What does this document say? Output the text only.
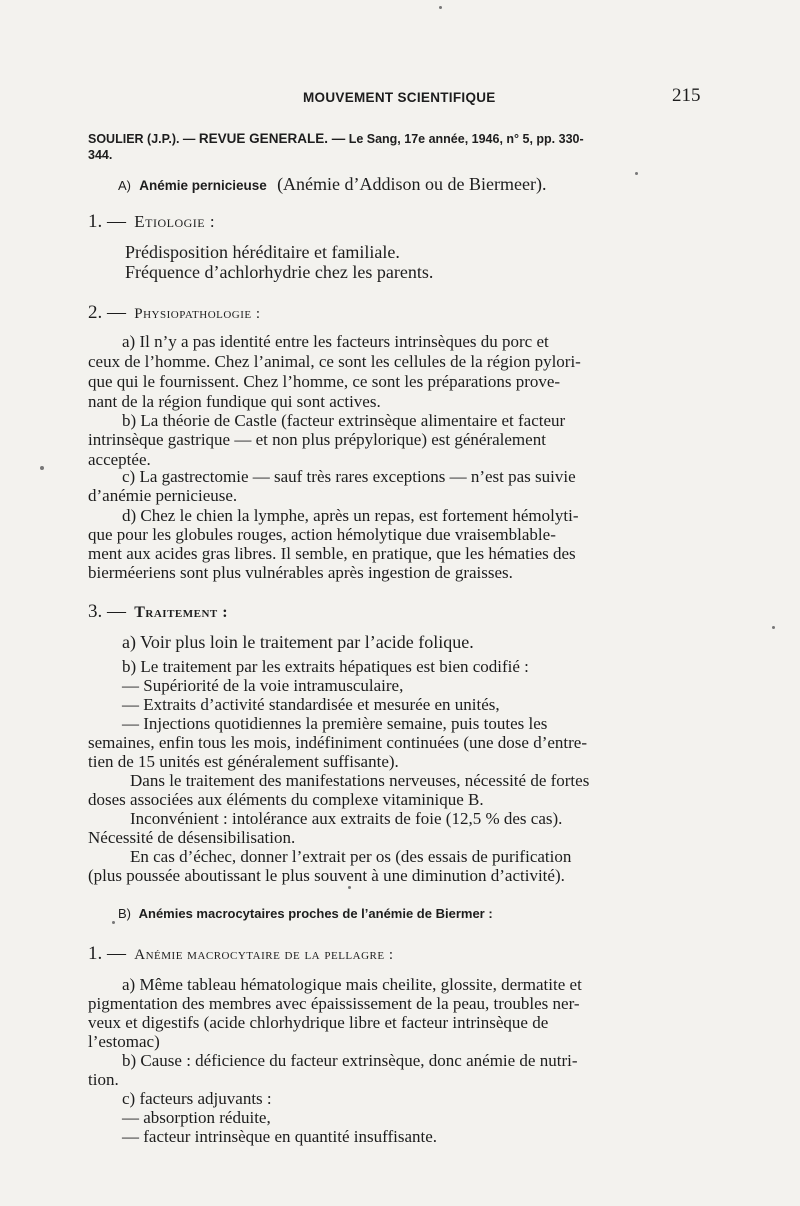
MOUVEMENT SCIENTIFIQUE	215
SOULIER (J.P.). — REVUE GENERALE. — Le Sang, 17e année, 1946, n° 5, pp. 330-
344.
A) Anémie pernicieuse (Anémie d’Addison ou de Biermeer).
1. — Etiologie :
Prédisposition héréditaire et familiale.
Fréquence d’achlorhydrie chez les parents.
2. — Physiopathologie :
a) Il n’y a pas identité entre les facteurs intrinsèques du porc et
ceux de l’homme. Chez l’animal, ce sont les cellules de la région pylori-
que qui le fournissent. Chez l’homme, ce sont les préparations prove-
nant de la région fundique qui sont actives.
b) La théorie de Castle (facteur extrinsèque alimentaire et facteur
intrinsèque gastrique — et non plus prépylorique) est généralement
acceptée.
c) La gastrectomie — sauf très rares exceptions — n’est pas suivie
d’anémie pernicieuse.
d) Chez le chien la lymphe, après un repas, est fortement hémolyti-
que pour les globules rouges, action hémolytique due vraisemblable-
ment aux acides gras libres. Il semble, en pratique, que les hématies des
bierméeriens sont plus vulnérables après ingestion de graisses.
3. — Traitement :
a) Voir plus loin le traitement par l’acide folique.
b) Le traitement par les extraits hépatiques est bien codifié :
— Supériorité de la voie intramusculaire,
— Extraits d’activité standardisée et mesurée en unités,
— Injections quotidiennes la première semaine, puis toutes les
semaines, enfin tous les mois, indéfiniment continuées (une dose d’entre-
tien de 15 unités est généralement suffisante).
Dans le traitement des manifestations nerveuses, nécessité de fortes
doses associées aux éléments du complexe vitaminique B.
Inconvénient : intolérance aux extraits de foie (12,5 % des cas).
Nécessité de désensibilisation.
En cas d’échec, donner l’extrait per os (des essais de purification
(plus poussée aboutissant le plus souvent à une diminution d’activité).
B) Anémies macrocytaires proches de l’anémie de Biermer :
1. — Anémie macrocytaire de la pellagre :
a) Même tableau hématologique mais cheilite, glossite, dermatite et
pigmentation des membres avec épaississement de la peau, troubles ner-
veux et digestifs (acide chlorhydrique libre et facteur intrinsèque de
l’estomac)
b) Cause : déficience du facteur extrinsèque, donc anémie de nutri-
tion.
c) facteurs adjuvants :
— absorption réduite,
— facteur intrinsèque en quantité insuffisante.
